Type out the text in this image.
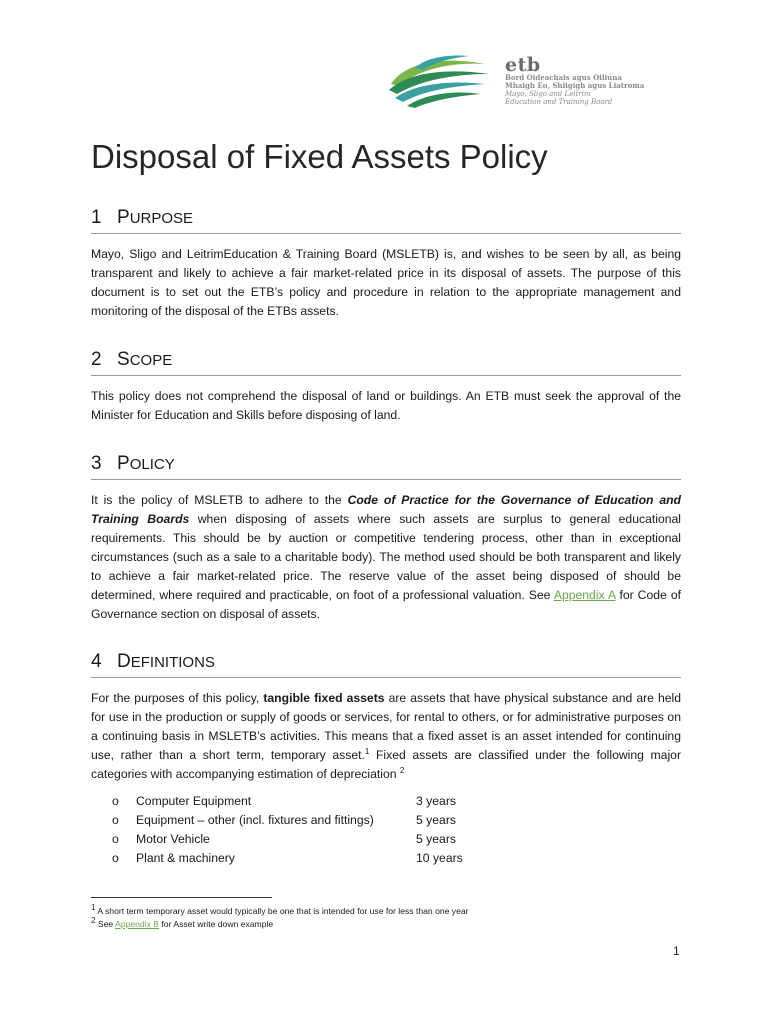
etb
Bord Oideachais agus Oiliúna
Mhaigh Eo, Shligigh agus Liatroma
Mayo, Sligo and Leitrim
Education and Training Board
Disposal of Fixed Assets Policy
1 PURPOSE

Mayo, Sligo and LeitrimEducation & Training Board (MSLETB) is, and wishes to be seen by all, as being transparent and likely to achieve a fair market-related price in its disposal of assets. The purpose of this document is to set out the ETB’s policy and procedure in relation to the appropriate management and monitoring of the disposal of the ETBs assets.

2 SCOPE

This policy does not comprehend the disposal of land or buildings. An ETB must seek the approval of the Minister for Education and Skills before disposing of land.

3 POLICY

It is the policy of MSLETB to adhere to the Code of Practice for the Governance of Education and Training Boards when disposing of assets where such assets are surplus to general educational requirements. This should be by auction or competitive tendering process, other than in exceptional circumstances (such as a sale to a charitable body). The method used should be both transparent and likely to achieve a fair market-related price. The reserve value of the asset being disposed of should be determined, where required and practicable, on foot of a professional valuation. See Appendix A for Code of Governance section on disposal of assets.

4 DEFINITIONS

For the purposes of this policy, tangible fixed assets are assets that have physical substance and are held for use in the production or supply of goods or services, for rental to others, or for administrative purposes on a continuing basis in MSLETB’s activities. This means that a fixed asset is an asset intended for continuing use, rather than a short term, temporary asset.$^1$ Fixed assets are classified under the following major categories with accompanying estimation of depreciation $^2$

o	Computer Equipment	3 years
o	Equipment – other (incl. fixtures and fittings)	5 years
o	Motor Vehicle	5 years
o	Plant & machinery	10 years
$^1$ A short term temporary asset would typically be one that is intended for use for less than one year
$^2$ See Appendix B for Asset write down example
1
